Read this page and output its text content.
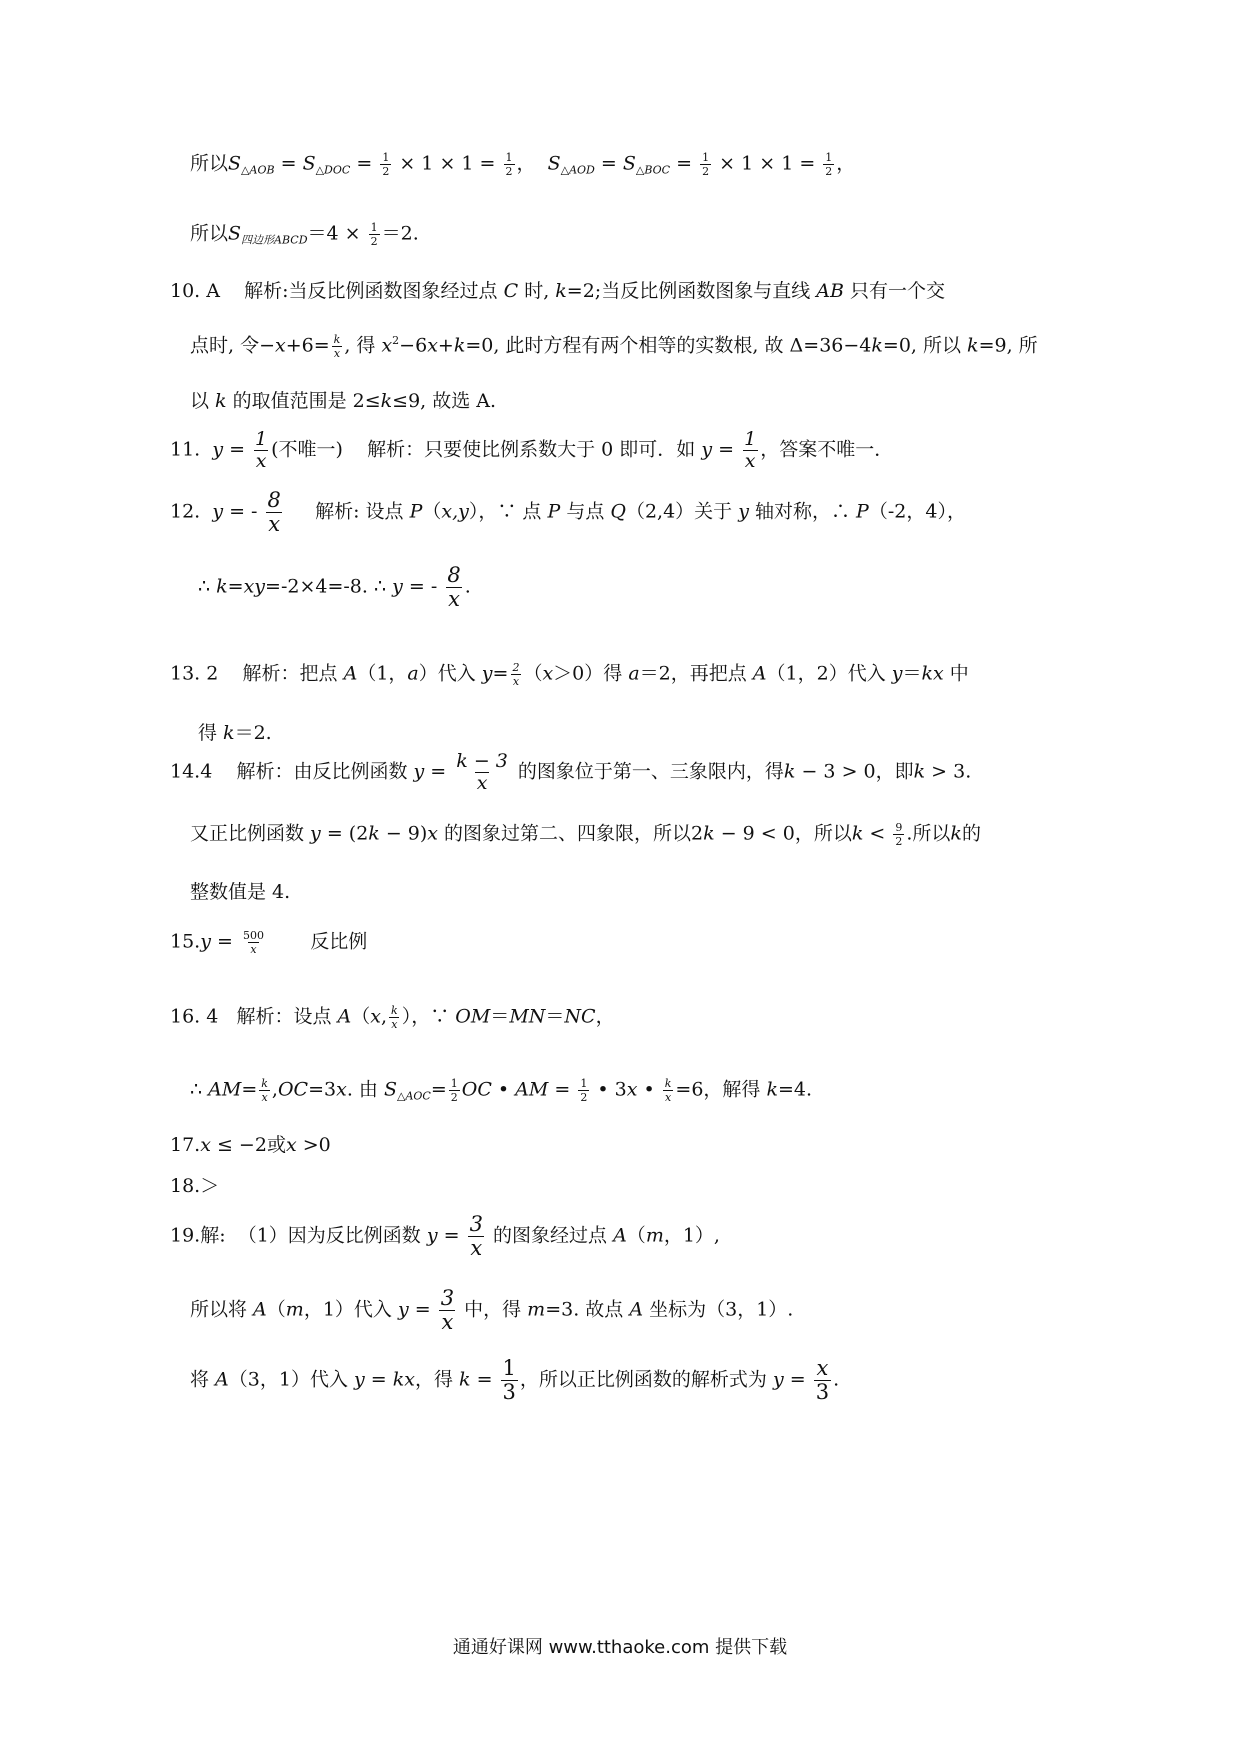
所以$S_{\triangle AOB} = S_{\triangle DOC} = \frac{1}{2} \times 1 \times 1 = \frac{1}{2}$ ， $S_{\triangle AOD} = S_{\triangle BOC} = \frac{1}{2} \times 1 \times 1 = \frac{1}{2}$ ，
所以$S_{四边形ABCD}=4 \times \frac{1}{2} =2$.
10. A 解析:当反比例函数图象经过点 C 时, k=2;当反比例函数图象与直线 AB 只有一个交
点时, 令$-x+6= \frac{k}{x}$ , 得 $x^2-6x+k=0$, 此时方程有两个相等的实数根, 故 Δ=36−4k=0, 所以 k=9, 所
以 k 的取值范围是 2≤k≤9, 故选 A.
11. $y = \frac{1}{x}$ (不唯一) 解析：只要使比例系数大于 0 即可．如 $y = \frac{1}{x}$ ，答案不唯一．
12. y = - $\frac{8}{x}$ 解析: 设点 P（x,y），∵ 点 P 与点 Q（2,4）关于 y 轴对称，∴ P（-2，4），
∴ k=xy=-2×4=-8. ∴ y = - $\frac{8}{x}$ .
13. 2 解析：把点 A（1，a）代入 $y= \frac{2}{x} (x>0)$得 a＝2，再把点 A（1，2）代入 y＝kx 中
得 k＝2.
14.4 解析：由反比例函数 $y = \frac{k - 3}{x}$ 的图象位于第一、三象限内，得k − 3 > 0，即k > 3.
又正比例函数 y = (2k − 9)x 的图象过第二、四象限，所以2k − 9 < 0，所以$k < \frac{9}{2}$ .所以k的
整数值是 4.
$15.y = \frac{500}{x}$ 反比例
16. 4 解析：设点 A（x, $\frac{k}{x}$ ），∵ OM＝MN＝NC，
∴ $AM= \frac{k}{x} ,OC=3x$. 由 $S_{\triangle AOC}= \frac{1}{2}$ OC • AM = $\frac{1}{2}$ • 3x • $\frac{k}{x} =6$，解得 k=4.
17.x ≤ −2或x >0
18.＞
19.解: （1）因为反比例函数 $y = \frac{3}{x}$ 的图象经过点 A（m，1）,
所以将 A（m，1）代入 $y = \frac{3}{x}$ 中，得 m=3. 故点 A 坐标为（3，1）.
将 A（3，1）代入 y = kx，得 $k = \frac{1}{3}$ ，所以正比例函数的解析式为 $y = \frac{x}{3}$ .
通通好课网 www.tthaoke.com 提供下载
